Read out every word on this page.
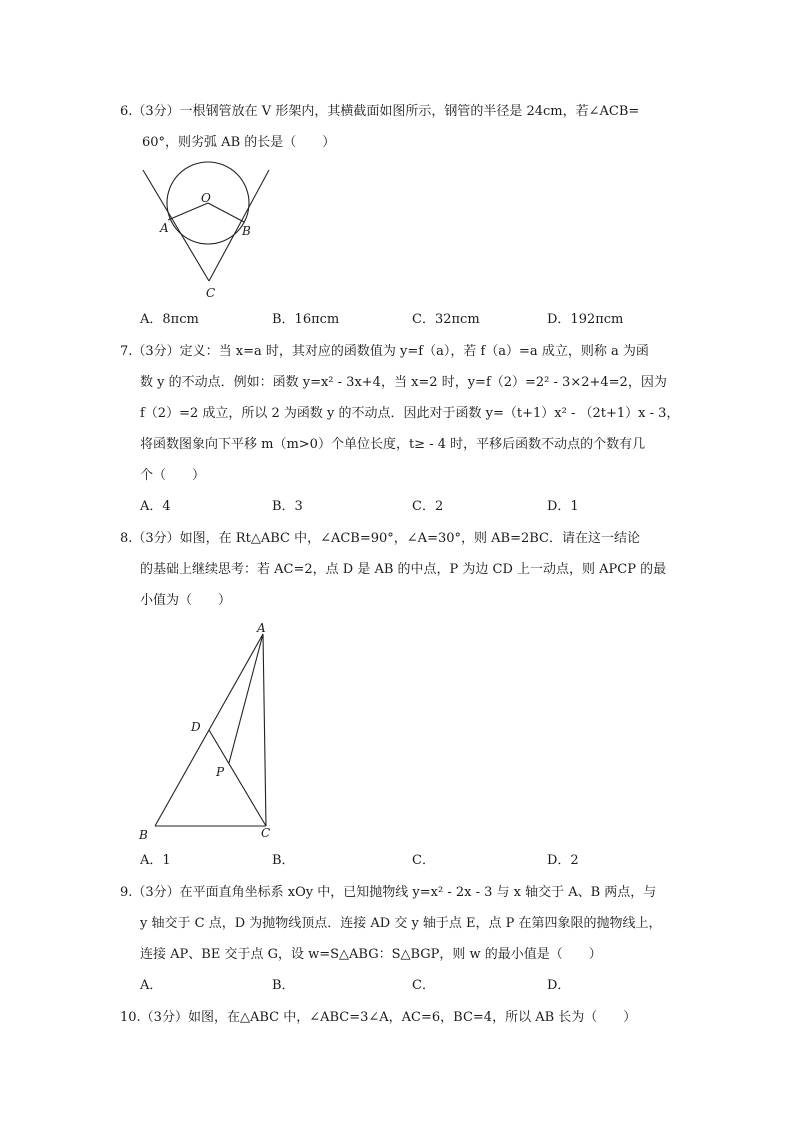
6.（3分）一根钢管放在 V 形架内，其横截面如图所示，钢管的半径是 24cm，若∠ACB=
60°，则劣弧 AB 的长是（　　）
O
A	B
C
A．8πcm	B．16πcm	C．32πcm	D．192πcm
7.（3分）定义：当 x=a 时，其对应的函数值为 y=f（a），若 f（a）=a 成立，则称 a 为函
数 y 的不动点．例如：函数 y=x² - 3x+4，当 x=2 时，y=f（2）=2² - 3×2+4=2，因为
f（2）=2 成立，所以 2 为函数 y 的不动点．因此对于函数 y=（t+1）x² - （2t+1）x - 3，
将函数图象向下平移 m（m>0）个单位长度，t≥ - 4 时，平移后函数不动点的个数有几
个（　　）
A．4	B．3	C．2	D．1
8.（3分）如图，在 Rt△ABC 中，∠ACB=90°，∠A=30°，则 AB=2BC．请在这一结论
的基础上继续思考：若 AC=2，点 D 是 AB 的中点，P 为边 CD 上一动点，则 APCP 的最
小值为（　　）
A
B	C
D
P
A．1	B．	C．	D．2
9.（3分）在平面直角坐标系 xOy 中，已知抛物线 y=x² - 2x - 3 与 x 轴交于 A、B 两点，与
y 轴交于 C 点，D 为抛物线顶点．连接 AD 交 y 轴于点 E，点 P 在第四象限的抛物线上，
连接 AP、BE 交于点 G，设 w=S△ABG：S△BGP，则 w 的最小值是（　　）
A．	B．	C．	D．
10.（3分）如图，在△ABC 中，∠ABC=3∠A，AC=6，BC=4，所以 AB 长为（　　）
